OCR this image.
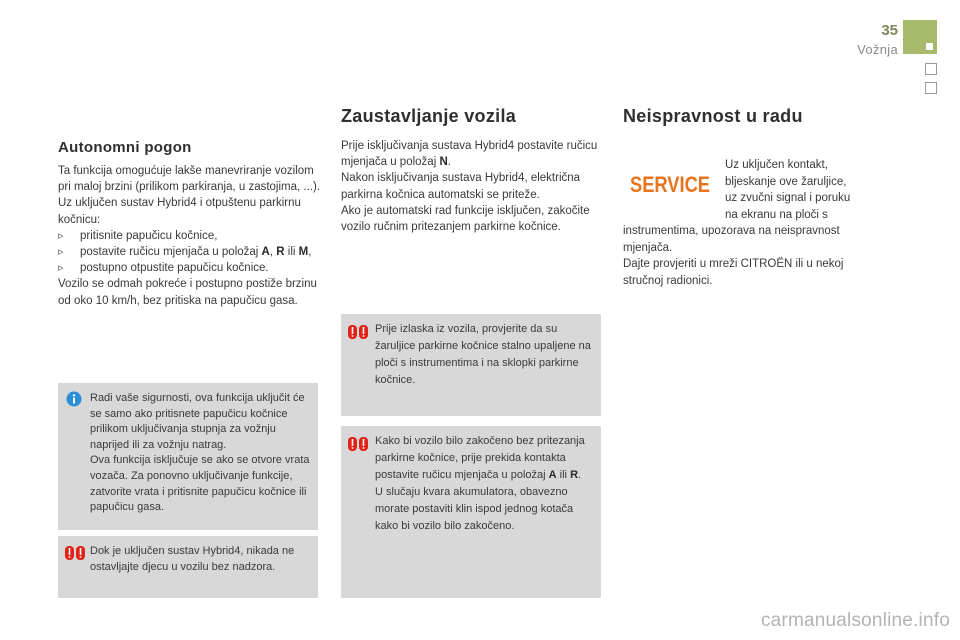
35
Vožnja
Autonomni pogon

Ta funkcija omogućuje lakše manevriranje vozilom pri maloj brzini (prilikom parkiranja, u zastojima, ...).

Uz uključen sustav Hybrid4 i otpuštenu parkirnu kočnicu:

▹ pritisnite papučicu kočnice,
▹ postavite ručicu mjenjača u položaj A, R ili M,
▹ postupno otpustite papučicu kočnice.

Vozilo se odmah pokreće i postupno postiže brzinu od oko 10 km/h, bez pritiska na papučicu gasa.

Radi vaše sigurnosti, ova funkcija uključit će se samo ako pritisnete papučicu kočnice prilikom uključivanja stupnja za vožnju naprijed ili za vožnju natrag.

Ova funkcija isključuje se ako se otvore vrata vozača. Za ponovno uključivanje funkcije, zatvorite vrata i pritisnite papučicu kočnice ili papučicu gasa.

Dok je uključen sustav Hybrid4, nikada ne ostavljajte djecu u vozilu bez nadzora.
Zaustavljanje vozila

Prije isključivanja sustava Hybrid4 postavite ručicu mjenjača u položaj N.

Nakon isključivanja sustava Hybrid4, električna parkirna kočnica automatski se priteže.

Ako je automatski rad funkcije isključen, zakočite vozilo ručnim pritezanjem parkirne kočnice.

Prije izlaska iz vozila, provjerite da su žaruljice parkirne kočnice stalno upaljene na ploči s instrumentima i na sklopki parkirne kočnice.

Kako bi vozilo bilo zakočeno bez pritezanja parkirne kočnice, prije prekida kontakta postavite ručicu mjenjača u položaj A ili R.

U slučaju kvara akumulatora, obavezno morate postaviti klin ispod jednog kotača kako bi vozilo bilo zakočeno.

Neispravnost u radu
SERVICE

Uz uključen kontakt,

bljeskanje ove žaruljice,

uz zvučni signal i poruku

na ekranu na ploči s

instrumentima, upozorava na neispravnost mjenjača.

Dajte provjeriti u mreži CITROËN ili u nekoj stručnoj radionici.

carmanualsonline.info
